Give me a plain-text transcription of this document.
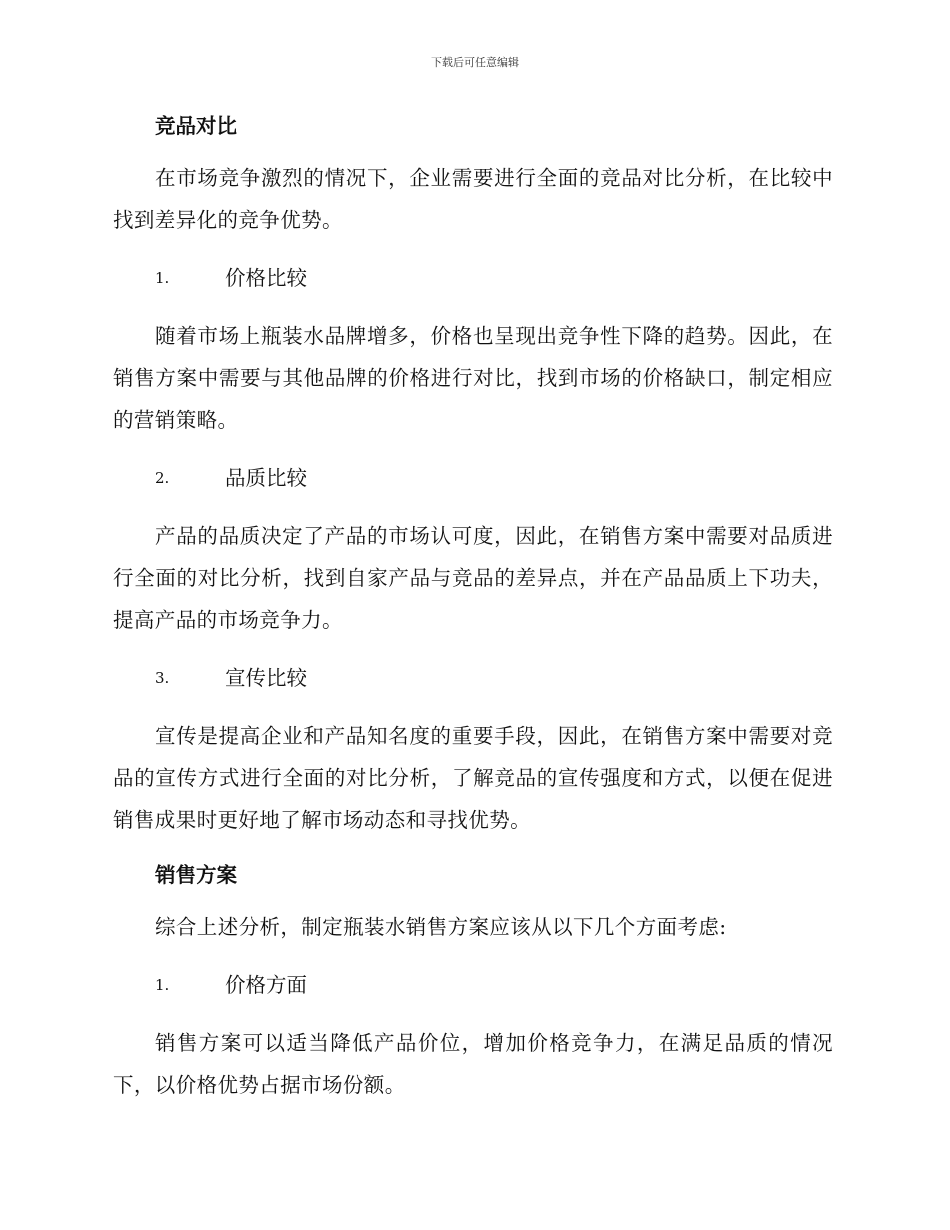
下载后可任意编辑
竞品对比

在市场竞争激烈的情况下，企业需要进行全面的竞品对比分析，在比较中找到差异化的竞争优势。

1.	价格比较

随着市场上瓶装水品牌增多，价格也呈现出竞争性下降的趋势。因此，在销售方案中需要与其他品牌的价格进行对比，找到市场的价格缺口，制定相应的营销策略。

2.	品质比较

产品的品质决定了产品的市场认可度，因此，在销售方案中需要对品质进行全面的对比分析，找到自家产品与竞品的差异点，并在产品品质上下功夫，提高产品的市场竞争力。

3.	宣传比较

宣传是提高企业和产品知名度的重要手段，因此，在销售方案中需要对竞品的宣传方式进行全面的对比分析，了解竞品的宣传强度和方式，以便在促进销售成果时更好地了解市场动态和寻找优势。

销售方案

综合上述分析，制定瓶装水销售方案应该从以下几个方面考虑:

1.	价格方面

销售方案可以适当降低产品价位，增加价格竞争力，在满足品质的情况下，以价格优势占据市场份额。
